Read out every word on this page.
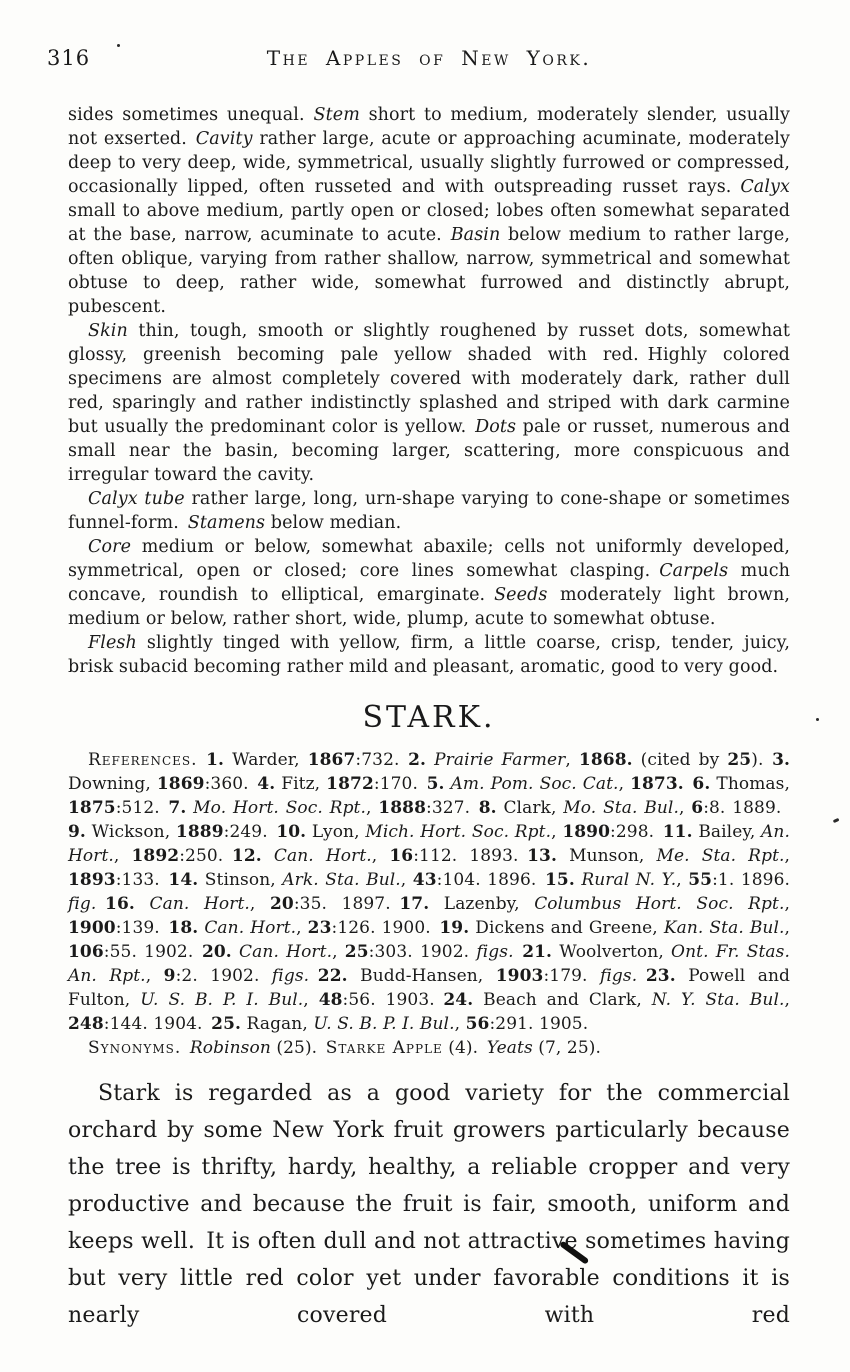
316	The Apples of New York.

sides sometimes unequal. Stem short to medium, moderately slender, usually not exserted. Cavity rather large, acute or approaching acuminate, moderately deep to very deep, wide, symmetrical, usually slightly furrowed or compressed, occasionally lipped, often russeted and with outspreading russet rays. Calyx small to above medium, partly open or closed; lobes often somewhat separated at the base, narrow, acuminate to acute. Basin below medium to rather large, often oblique, varying from rather shallow, narrow, symmetrical and somewhat obtuse to deep, rather wide, somewhat furrowed and distinctly abrupt, pubescent.

Skin thin, tough, smooth or slightly roughened by russet dots, somewhat glossy, greenish becoming pale yellow shaded with red. Highly colored specimens are almost completely covered with moderately dark, rather dull red, sparingly and rather indistinctly splashed and striped with dark carmine but usually the predominant color is yellow. Dots pale or russet, numerous and small near the basin, becoming larger, scattering, more conspicuous and irregular toward the cavity.

Calyx tube rather large, long, urn-shape varying to cone-shape or sometimes funnel-form. Stamens below median.

Core medium or below, somewhat abaxile; cells not uniformly developed, symmetrical, open or closed; core lines somewhat clasping. Carpels much concave, roundish to elliptical, emarginate. Seeds moderately light brown, medium or below, rather short, wide, plump, acute to somewhat obtuse.

Flesh slightly tinged with yellow, firm, a little coarse, crisp, tender, juicy, brisk subacid becoming rather mild and pleasant, aromatic, good to very good.

STARK.

References.  1. Warder, 1867:732. 2. Prairie Farmer, 1868. (cited by 25). 3. Downing, 1869:360. 4. Fitz, 1872:170. 5. Am. Pom. Soc. Cat., 1873.  6. Thomas, 1875:512. 7. Mo. Hort. Soc. Rpt., 1888:327. 8. Clark, Mo. Sta. Bul., 6:8. 1889. 9. Wickson, 1889:249. 10. Lyon, Mich. Hort. Soc. Rpt., 1890:298. 11. Bailey, An. Hort., 1892:250. 12. Can. Hort., 16:112. 1893. 13. Munson, Me. Sta. Rpt., 1893:133. 14. Stinson, Ark. Sta. Bul., 43:104. 1896. 15. Rural N. Y., 55:1. 1896. fig.  16. Can. Hort., 20:35. 1897. 17. Lazenby, Columbus Hort. Soc. Rpt., 1900:139. 18. Can. Hort., 23:126. 1900. 19. Dickens and Greene, Kan. Sta. Bul., 106:55. 1902. 20. Can. Hort., 25:303. 1902. figs.  21. Woolverton, Ont. Fr. Stas. An. Rpt., 9:2. 1902. figs.  22. Budd-Hansen, 1903:179. figs.  23. Powell and Fulton, U. S. B. P. I. Bul., 48:56. 1903. 24. Beach and Clark, N. Y. Sta. Bul., 248:144. 1904. 25. Ragan, U. S. B. P. I. Bul., 56:291. 1905.

Synonyms.  Robinson (25). Starke Apple (4). Yeats (7, 25).

Stark is regarded as a good variety for the commercial orchard by some New York fruit growers particularly because the tree is thrifty, hardy, healthy, a reliable cropper and very productive and because the fruit is fair, smooth, uniform and keeps well. It is often dull and not attractive sometimes having but very little red color yet under favorable conditions it is nearly covered with red
